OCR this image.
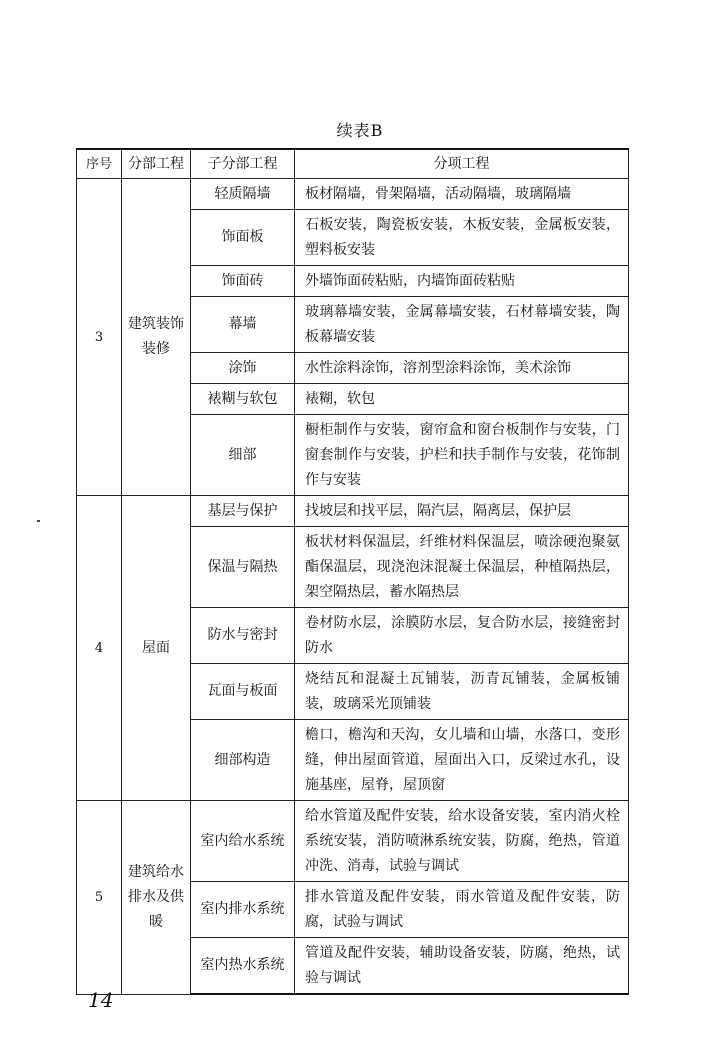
续表B
序号	分部工程	子分部工程	分项工程
3	建筑装饰装修	轻质隔墙	板材隔墙，骨架隔墙，活动隔墙，玻璃隔墙
		饰面板	石板安装，陶瓷板安装，木板安装，金属板安装，塑料板安装
		饰面砖	外墙饰面砖粘贴，内墙饰面砖粘贴
		幕墙	玻璃幕墙安装，金属幕墙安装，石材幕墙安装，陶板幕墙安装
		涂饰	水性涂料涂饰，溶剂型涂料涂饰，美术涂饰
		裱糊与软包	裱糊，软包
		细部	橱柜制作与安装，窗帘盒和窗台板制作与安装，门窗套制作与安装，护栏和扶手制作与安装，花饰制作与安装
4	屋面	基层与保护	找坡层和找平层，隔汽层，隔离层，保护层
		保温与隔热	板状材料保温层，纤维材料保温层，喷涂硬泡聚氨酯保温层，现浇泡沫混凝土保温层，种植隔热层，架空隔热层，蓄水隔热层
		防水与密封	卷材防水层，涂膜防水层，复合防水层，接缝密封防水
		瓦面与板面	烧结瓦和混凝土瓦铺装，沥青瓦铺装，金属板铺装，玻璃采光顶铺装
		细部构造	檐口，檐沟和天沟，女儿墙和山墙，水落口，变形缝，伸出屋面管道，屋面出入口，反梁过水孔，设施基座，屋脊，屋顶窗
5	建筑给水排水及供暖	室内给水系统	给水管道及配件安装，给水设备安装，室内消火栓系统安装，消防喷淋系统安装，防腐，绝热，管道冲洗、消毒，试验与调试
		室内排水系统	排水管道及配件安装，雨水管道及配件安装，防腐，试验与调试
		室内热水系统	管道及配件安装，辅助设备安装，防腐，绝热，试验与调试
14
